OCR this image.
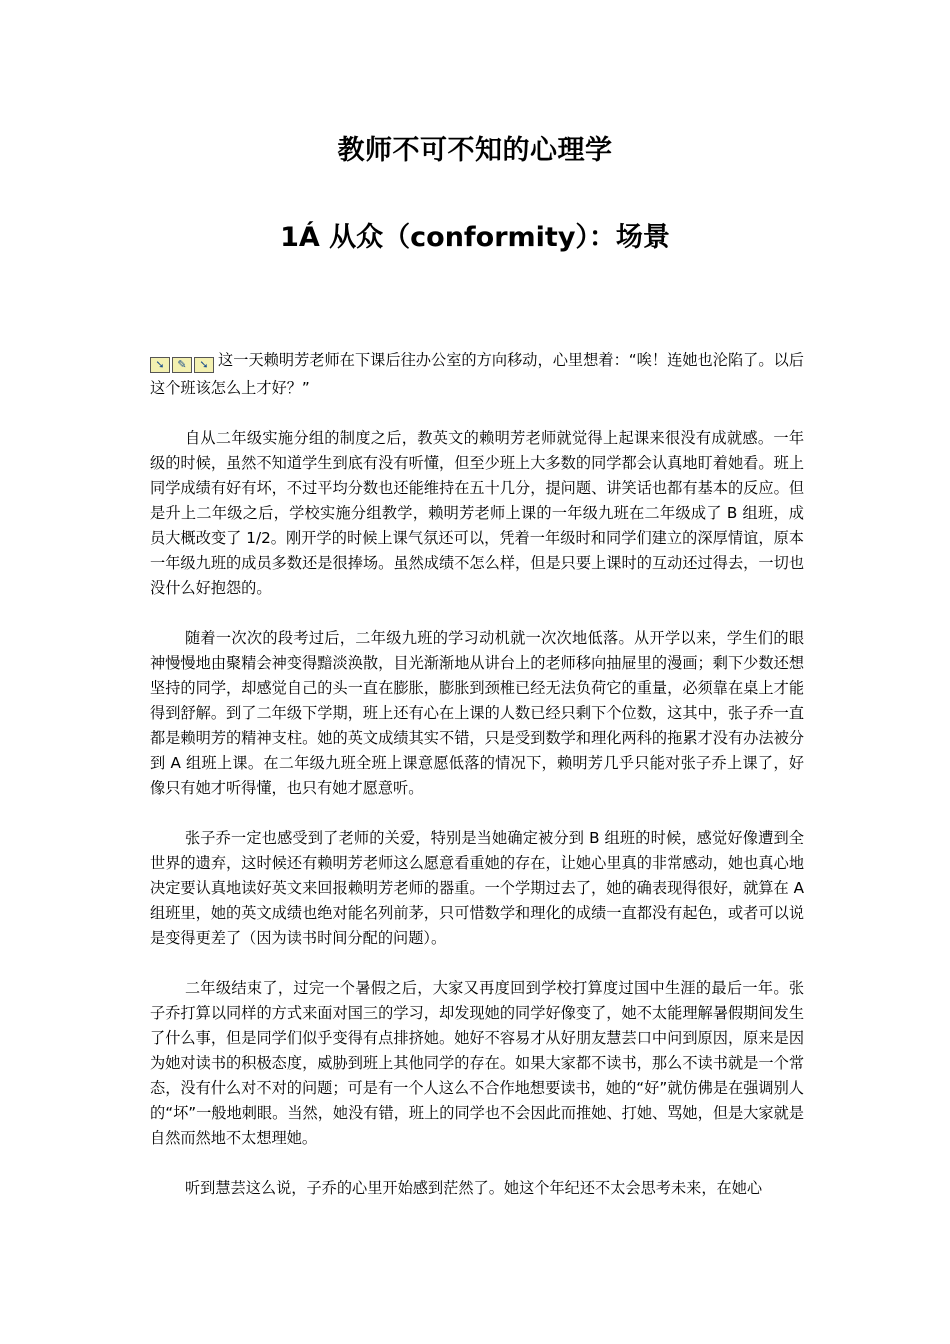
教师不可不知的心理学
1Á 从众（conformity）：场景

➘ ✎ ➘ 这一天赖明芳老师在下课后往办公室的方向移动，心里想着：“唉！连她也沦陷了。以后这个班该怎么上才好？”

自从二年级实施分组的制度之后，教英文的赖明芳老师就觉得上起课来很没有成就感。一年级的时候，虽然不知道学生到底有没有听懂，但至少班上大多数的同学都会认真地盯着她看。班上同学成绩有好有坏，不过平均分数也还能维持在五十几分，提问题、讲笑话也都有基本的反应。但是升上二年级之后，学校实施分组教学，赖明芳老师上课的一年级九班在二年级成了 B 组班，成员大概改变了 1/2。刚开学的时候上课气氛还可以，凭着一年级时和同学们建立的深厚情谊，原本一年级九班的成员多数还是很捧场。虽然成绩不怎么样，但是只要上课时的互动还过得去，一切也没什么好抱怨的。

随着一次次的段考过后，二年级九班的学习动机就一次次地低落。从开学以来，学生们的眼神慢慢地由聚精会神变得黯淡涣散，目光渐渐地从讲台上的老师移向抽屉里的漫画；剩下少数还想坚持的同学，却感觉自己的头一直在膨胀，膨胀到颈椎已经无法负荷它的重量，必须靠在桌上才能得到舒解。到了二年级下学期，班上还有心在上课的人数已经只剩下个位数，这其中，张子乔一直都是赖明芳的精神支柱。她的英文成绩其实不错，只是受到数学和理化两科的拖累才没有办法被分到 A 组班上课。在二年级九班全班上课意愿低落的情况下，赖明芳几乎只能对张子乔上课了，好像只有她才听得懂，也只有她才愿意听。

张子乔一定也感受到了老师的关爱，特别是当她确定被分到 B 组班的时候，感觉好像遭到全世界的遗弃，这时候还有赖明芳老师这么愿意看重她的存在，让她心里真的非常感动，她也真心地决定要认真地读好英文来回报赖明芳老师的器重。一个学期过去了，她的确表现得很好，就算在 A 组班里，她的英文成绩也绝对能名列前茅，只可惜数学和理化的成绩一直都没有起色，或者可以说是变得更差了（因为读书时间分配的问题）。

二年级结束了，过完一个暑假之后，大家又再度回到学校打算度过国中生涯的最后一年。张子乔打算以同样的方式来面对国三的学习，却发现她的同学好像变了，她不太能理解暑假期间发生了什么事，但是同学们似乎变得有点排挤她。她好不容易才从好朋友慧芸口中问到原因，原来是因为她对读书的积极态度，威胁到班上其他同学的存在。如果大家都不读书，那么不读书就是一个常态，没有什么对不对的问题；可是有一个人这么不合作地想要读书，她的“好”就仿佛是在强调别人的“坏”一般地刺眼。当然，她没有错，班上的同学也不会因此而推她、打她、骂她，但是大家就是自然而然地不太想理她。

听到慧芸这么说，子乔的心里开始感到茫然了。她这个年纪还不太会思考未来，在她心
